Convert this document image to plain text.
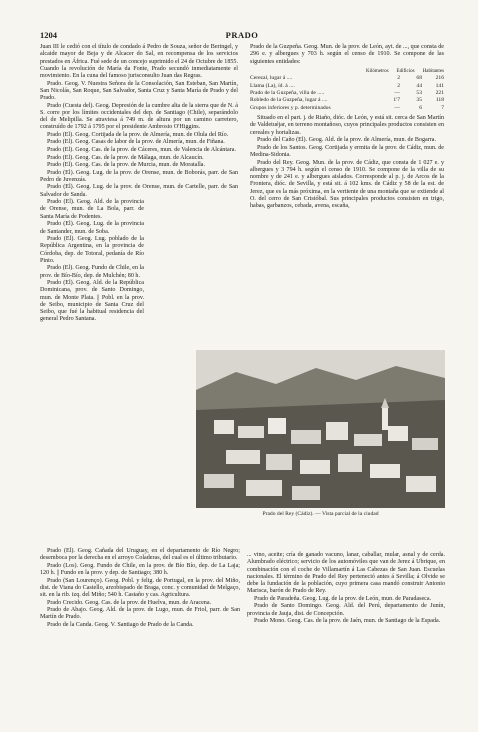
1204	PRADO

Juan III le cedió con el título de condado á Pedro de Souza, señor de Beringel, y alcaide mayor de Beja y de Alcacer do Sal, en recompensa de los servicios prestados en África. Fué sede de un concejo suprimido el 24 de Octubre de 1855. Cuando la revolución de María da Fonte, Prado secundó inmediatamente el movimiento. En la cuna del famoso jurisconsulto Juan das Regras.

Prado. Geog. V. Nuestra Señora de la Consolación, San Esteban, San Martín, San Nicolás, San Roque, San Salvador, Santa Cruz y Santa María de Prado y del Prado.

Prado (Cuesta del). Geog. Depresión de la cumbre alta de la sierra que de N. á S. corre por los límites occidentales del dep. de Santiago (Chile), separándolo del de Melipilla. Se atraviesa á 749 m. de altura por un camino carretero, construído de 1792 á 1795 por el presidente Ambrosio O'Higgins.

Prado (El). Geog. Cortijada de la prov. de Almería, mun. de Olula del Río.

Prado (El). Geog. Casas de labor de la prov. de Almería, mun. de Fiñana.

Prado (El). Geog. Cas. de la prov. de Cáceres, mun. de Valencia de Alcántara.

Prado (El). Geog. Cas. de la prov. de Málaga, mun. de Alcaucín.

Prado (El). Geog. Cas. de la prov. de Murcia, mun. de Moratalla.

Prado (El). Geog. Lug. de la prov. de Orense, mun. de Boborás, parr. de San Pedro de Juvenzás.

Prado (El). Geog. Lug. de la prov. de Orense, mun. de Cartelle, parr. de San Salvador de Sanda.

Prado (El). Geog. Ald. de la provincia de Orense, mun. de La Bola, parr. de Santa María de Podentes.

Prado (El). Geog. Lug. de la provincia de Santander, mun. de Soba.

Prado (El). Geog. Lug. poblado de la República Argentina, en la provincia de Córdoba, dep. de Totoral, pedanía de Río Pinto.

Prado (El). Geog. Fundo de Chile, en la prov. de Bío-Bío, dep. de Mulchén; 80 h.

Prado (El). Geog. Ald. de la República Dominicana, prov. de Santo Domingo, mun. de Monte Plata. || Pobl. en la prov. de Seibo, municipio de Santa Cruz del Seibo, que fué la habitual residencia del general Pedro Santana.

Prado (El). Geog. Cañada del Uruguay, en el departamento de Río Negro; desemboca por la derecha en el arroyo Coladeras, del cual es el último tributario.

Prado (Los). Geog. Fundo de Chile, en la prov. de Bío Bío, dep. de La Laja; 120 h. || Fundo en la prov. y dep. de Santiago; 380 h.

Prado (San Lourenço). Geog. Pobl. y felig. de Portugal, en la prov. del Miño, dist. de Viana do Castello, arzobispado de Braga, conc. y comunidad de Melgaço, sit. en la rib. izq. del Miño; 540 h. Castaño y cas. Agricultura.

Prado Crecido. Geog. Cas. de la prov. de Huelva, mun. de Aracena.

Prado de Abajo. Geog. Ald. de la prov. de Lugo, mun. de Friol, parr. de San Martín de Prado.

Prado de la Canda. Geog. V. Santiago de Prado de la Canda.

Prado de la Guzpeña. Geog. Mun. de la prov. de León, ayt. de ..., que consta de 296 e. y albergues y 703 h. según el censo de 1910. Se compone de las siguientes entidades:

Kilómetros Edificios Habitantes
Cerezal, lugar á ....	2	68	216
Llama (La), íd. á ....	2	44	141
Prado de la Guzpeña, villa de .....	—	53	221
Robledo de la Guzpeña, lugar á ....	1'7	35	118
Grupos inferiores y p. determinados	—	6	7

Situado en el part. j. de Riaño, dióc. de León, y está sit. cerca de San Martín de Valdetuéjar, en terreno montañoso, cuyos principales productos consisten en cereales y hortalizas.

Prado del Caño (El). Geog. Ald. de la prov. de Almería, mun. de Bogarra.

Prado de los Santos. Geog. Cortijada y ermita de la prov. de Cádiz, mun. de Medina-Sidonia.

Prado del Rey. Geog. Mun. de la prov. de Cádiz, que consta de 1 027 e. y albergues y 3 794 h. según el censo de 1910. Se compone de la villa de su nombre y de 241 e. y albergues aislados. Corresponde al p. j. de Arcos de la Frontera, dióc. de Sevilla, y está sit. á 102 kms. de Cádiz y 58 de la est. de Jerez, que es la más próxima, en la vertiente de una montaña que se extiende al O. del cerro de San Cristóbal. Sus principales productos consisten en trigo, habas, garbanzos, cebada, avena, escaña,

Prado del Rey (Cádiz). — Vista parcial de la ciudad

... vino, aceite; cría de ganado vacuno, lanar, caballar, mular, asnal y de cerda. Alumbrado eléctrico; servicio de los automóviles que van de Jerez á Ubrique, en combinación con el coche de Villamartín á Las Cabezas de San Juan. Escuelas nacionales. El término de Prado del Rey perteneció antes á Sevilla; á Olvide se debe la fundación de la población, cuyo primera casa mandó construir Antonio Marisca, barón de Prado de Rey.

Prado de Paradeña. Geog. Lug. de la prov. de León, mun. de Paradaseca.

Prado de Santo Domingo. Geog. Ald. del Perú, departamento de Junín, provincia de Jauja, dist. de Concepción.

Prado Mono. Geog. Cas. de la prov. de Jaén, mun. de Santiago de la Espada.
